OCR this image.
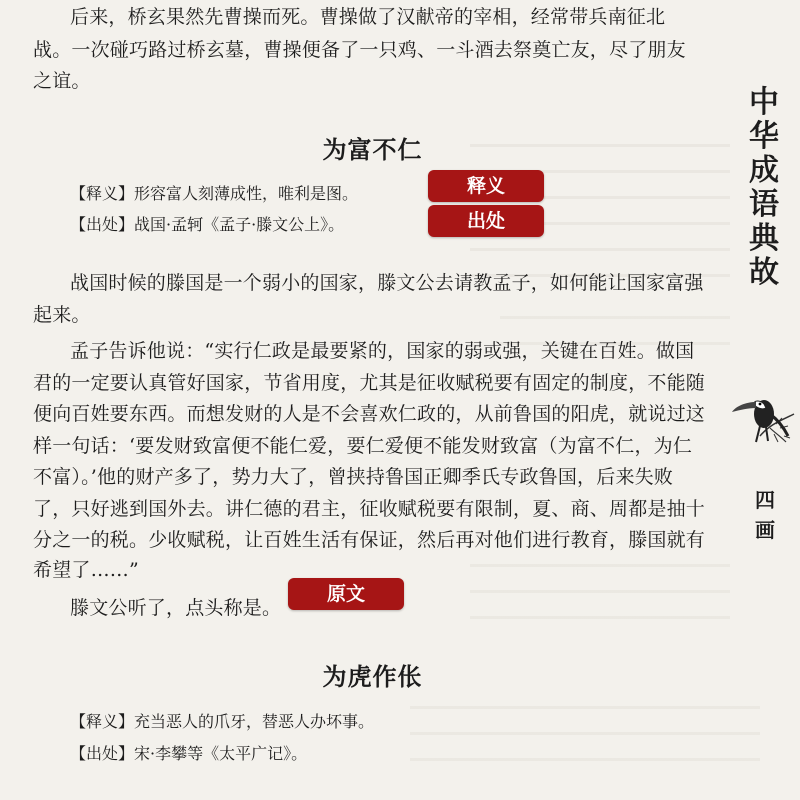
后来，桥玄果然先曹操而死。曹操做了汉献帝的宰相，经常带兵南征北
战。一次碰巧路过桥玄墓，曹操便备了一只鸡、一斗酒去祭奠亡友，尽了朋友
之谊。
为富不仁
【释义】形容富人刻薄成性，唯利是图。
【出处】战国·孟轲《孟子·滕文公上》。
释义
出处
战国时候的滕国是一个弱小的国家，滕文公去请教孟子，如何能让国家富强
起来。
孟子告诉他说：“实行仁政是最要紧的，国家的弱或强，关键在百姓。做国
君的一定要认真管好国家，节省用度，尤其是征收赋税要有固定的制度，不能随
便向百姓要东西。而想发财的人是不会喜欢仁政的，从前鲁国的阳虎，就说过这
样一句话：‘要发财致富便不能仁爱，要仁爱便不能发财致富（为富不仁，为仁
不富）。’他的财产多了，势力大了，曾挟持鲁国正卿季氏专政鲁国，后来失败
了，只好逃到国外去。讲仁德的君主，征收赋税要有限制，夏、商、周都是抽十
分之一的税。少收赋税，让百姓生活有保证，然后再对他们进行教育，滕国就有
希望了……”
滕文公听了，点头称是。
原文
为虎作伥
【释义】充当恶人的爪牙，替恶人办坏事。
【出处】宋·李攀等《太平广记》。
中
华
成
语
典
故
四
画
